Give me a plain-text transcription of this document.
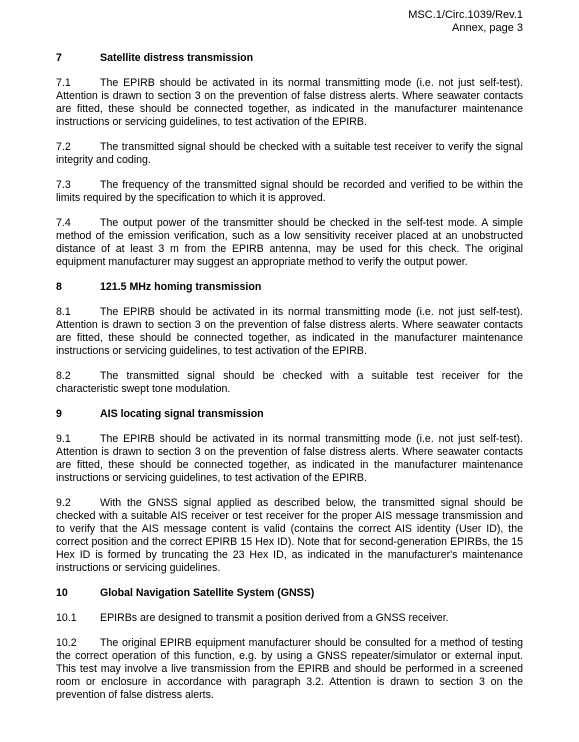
MSC.1/Circ.1039/Rev.1
Annex, page 3
7	Satellite distress transmission

7.1	The EPIRB should be activated in its normal transmitting mode (i.e. not just self-test). Attention is drawn to section 3 on the prevention of false distress alerts. Where seawater contacts are fitted, these should be connected together, as indicated in the manufacturer maintenance instructions or servicing guidelines, to test activation of the EPIRB.

7.2	The transmitted signal should be checked with a suitable test receiver to verify the signal integrity and coding.

7.3	The frequency of the transmitted signal should be recorded and verified to be within the limits required by the specification to which it is approved.

7.4	The output power of the transmitter should be checked in the self-test mode. A simple method of the emission verification, such as a low sensitivity receiver placed at an unobstructed distance of at least 3 m from the EPIRB antenna, may be used for this check. The original equipment manufacturer may suggest an appropriate method to verify the output power.

8	121.5 MHz homing transmission

8.1	The EPIRB should be activated in its normal transmitting mode (i.e. not just self-test). Attention is drawn to section 3 on the prevention of false distress alerts. Where seawater contacts are fitted, these should be connected together, as indicated in the manufacturer maintenance instructions or servicing guidelines, to test activation of the EPIRB.

8.2	The transmitted signal should be checked with a suitable test receiver for the characteristic swept tone modulation.

9	AIS locating signal transmission

9.1	The EPIRB should be activated in its normal transmitting mode (i.e. not just self-test). Attention is drawn to section 3 on the prevention of false distress alerts. Where seawater contacts are fitted, these should be connected together, as indicated in the manufacturer maintenance instructions or servicing guidelines, to test activation of the EPIRB.

9.2	With the GNSS signal applied as described below, the transmitted signal should be checked with a suitable AIS receiver or test receiver for the proper AIS message transmission and to verify that the AIS message content is valid (contains the correct AIS identity (User ID), the correct position and the correct EPIRB 15 Hex ID). Note that for second-generation EPIRBs, the 15 Hex ID is formed by truncating the 23 Hex ID, as indicated in the manufacturer's maintenance instructions or servicing guidelines.

10	Global Navigation Satellite System (GNSS)

10.1 EPIRBs are designed to transmit a position derived from a GNSS receiver.

10.2 The original EPIRB equipment manufacturer should be consulted for a method of testing the correct operation of this function, e.g. by using a GNSS repeater/simulator or external input. This test may involve a live transmission from the EPIRB and should be performed in a screened room or enclosure in accordance with paragraph 3.2. Attention is drawn to section 3 on the prevention of false distress alerts.
